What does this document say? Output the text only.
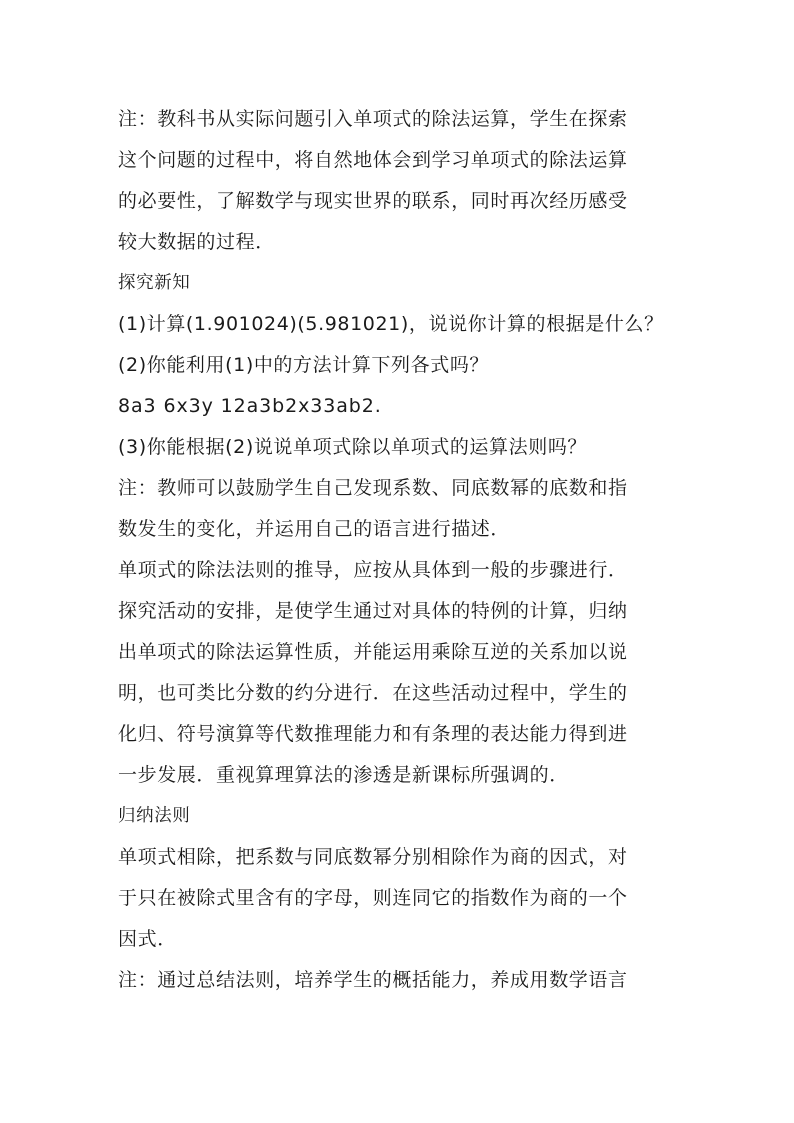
注：教科书从实际问题引入单项式的除法运算，学生在探索

这个问题的过程中，将自然地体会到学习单项式的除法运算

的必要性，了解数学与现实世界的联系，同时再次经历感受

较大数据的过程．

探究新知

(1)计算(1.901024)(5.981021)，说说你计算的根据是什么？

(2)你能利用(1)中的方法计算下列各式吗？

8a3 6x3y 12a3b2x33ab2.

(3)你能根据(2)说说单项式除以单项式的运算法则吗？

注：教师可以鼓励学生自己发现系数、同底数幂的底数和指

数发生的变化，并运用自己的语言进行描述．

单项式的除法法则的推导，应按从具体到一般的步骤进行．

探究活动的安排，是使学生通过对具体的特例的计算，归纳

出单项式的除法运算性质，并能运用乘除互逆的关系加以说

明，也可类比分数的约分进行．在这些活动过程中，学生的

化归、符号演算等代数推理能力和有条理的表达能力得到进

一步发展．重视算理算法的渗透是新课标所强调的．

归纳法则

单项式相除，把系数与同底数幂分别相除作为商的因式，对

于只在被除式里含有的字母，则连同它的指数作为商的一个

因式．

注：通过总结法则，培养学生的概括能力，养成用数学语言
